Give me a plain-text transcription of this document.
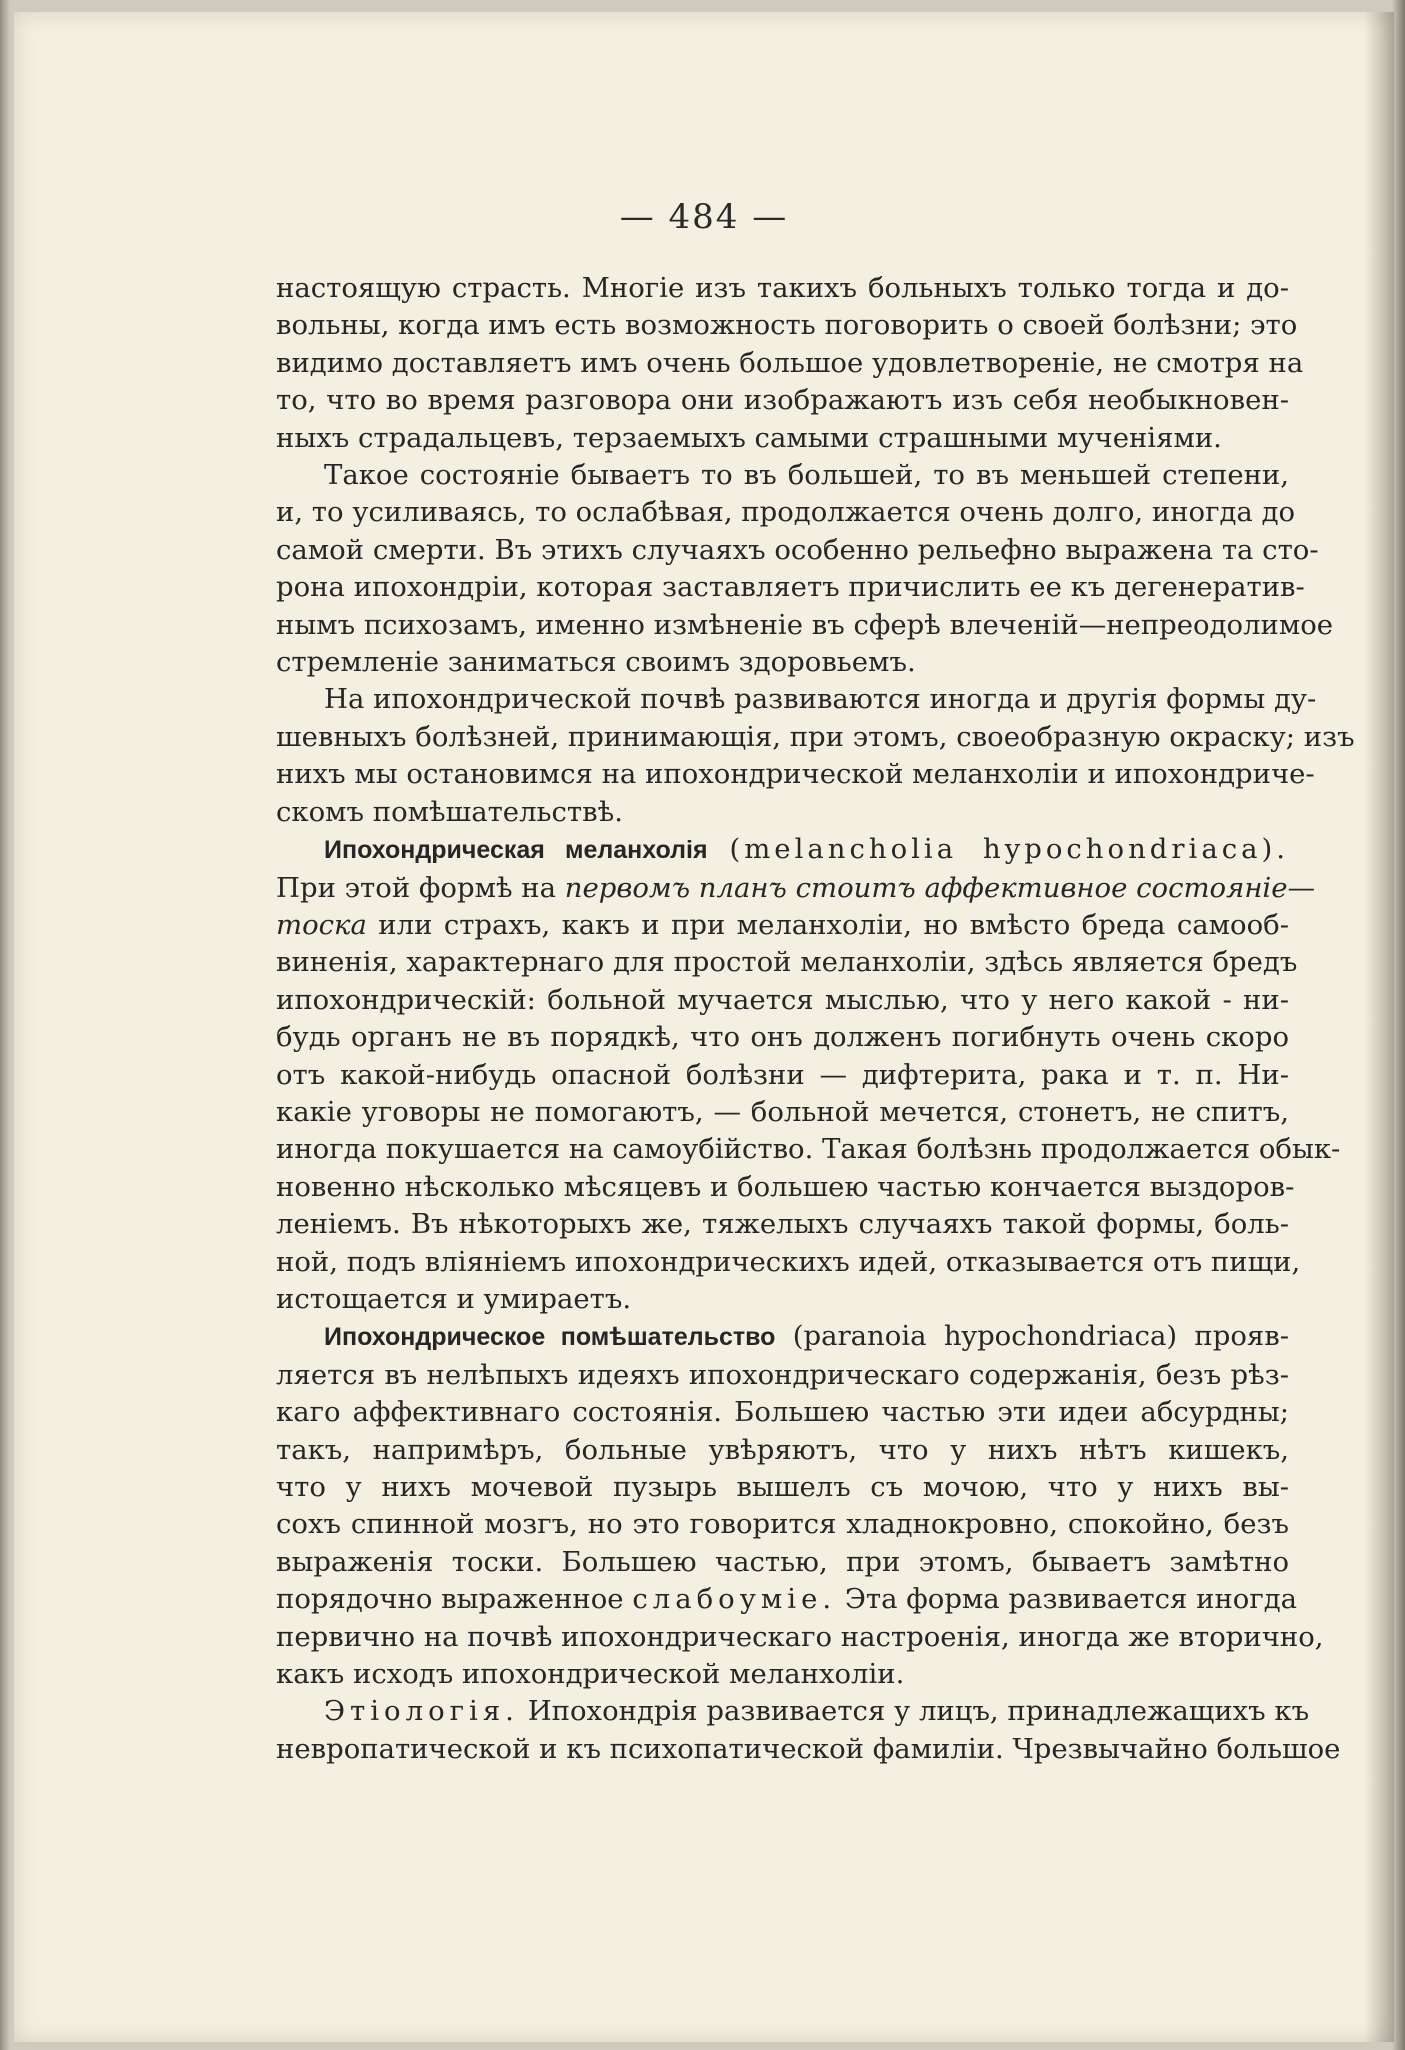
— 484 —

настоящую страсть. Многіе изъ такихъ больныхъ только тогда и до-
вольны, когда имъ есть возможность поговорить о своей болѣзни; это
видимо доставляетъ имъ очень большое удовлетвореніе, не смотря на
то, что во время разговора они изображаютъ изъ себя необыкновен-
ныхъ страдальцевъ, терзаемыхъ самыми страшными мученіями.

Такое состояніе бываетъ то въ большей, то въ меньшей степени,
и, то усиливаясь, то ослабѣвая, продолжается очень долго, иногда до
самой смерти. Въ этихъ случаяхъ особенно рельефно выражена та сто-
рона ипохондріи, которая заставляетъ причислить ее къ дегенератив-
нымъ психозамъ, именно измѣненіе въ сферѣ влеченій—непреодолимое
стремленіе заниматься своимъ здоровьемъ.

На ипохондрической почвѣ развиваются иногда и другія формы ду-
шевныхъ болѣзней, принимающія, при этомъ, своеобразную окраску; изъ
нихъ мы остановимся на ипохондрической меланхоліи и ипохондриче-
скомъ помѣшательствѣ.

Ипохондрическая меланхолія (melancholia hypochondriaca).
При этой формѣ на первомъ планъ стоитъ аффективное состояніе—
тоска или страхъ, какъ и при меланхоліи, но вмѣсто бреда самооб-
виненія, характернаго для простой меланхоліи, здѣсь является бредъ
ипохондрическій: больной мучается мыслью, что у него какой - ни-
будь органъ не въ порядкѣ, что онъ долженъ погибнуть очень скоро
отъ какой-нибудь опасной болѣзни — дифтерита, рака и т. п. Ни-
какіе уговоры не помогаютъ, — больной мечется, стонетъ, не спитъ,
иногда покушается на самоубійство. Такая болѣзнь продолжается обык-
новенно нѣсколько мѣсяцевъ и большею частью кончается выздоров-
леніемъ. Въ нѣкоторыхъ же, тяжелыхъ случаяхъ такой формы, боль-
ной, подъ вліяніемъ ипохондрическихъ идей, отказывается отъ пищи,
истощается и умираетъ.

Ипохондрическое помѣшательство (paranoia hypochondriaca) прояв-
ляется въ нелѣпыхъ идеяхъ ипохондрическаго содержанія, безъ рѣз-
каго аффективнаго состоянія. Большею частью эти идеи абсурдны;
такъ, напримѣръ, больные увѣряютъ, что у нихъ нѣтъ кишекъ,
что у нихъ мочевой пузырь вышелъ съ мочою, что у нихъ вы-
сохъ спинной мозгъ, но это говорится хладнокровно, спокойно, безъ
выраженія тоски. Большею частью, при этомъ, бываетъ замѣтно
порядочно выраженное слабоумie. Эта форма развивается иногда
первично на почвѣ ипохондрическаго настроенія, иногда же вторично,
какъ исходъ ипохондрической меланхоліи.

Этіологія. Ипохондрія развивается у лицъ, принадлежащихъ къ
невропатической и къ психопатической фамиліи. Чрезвычайно большое
